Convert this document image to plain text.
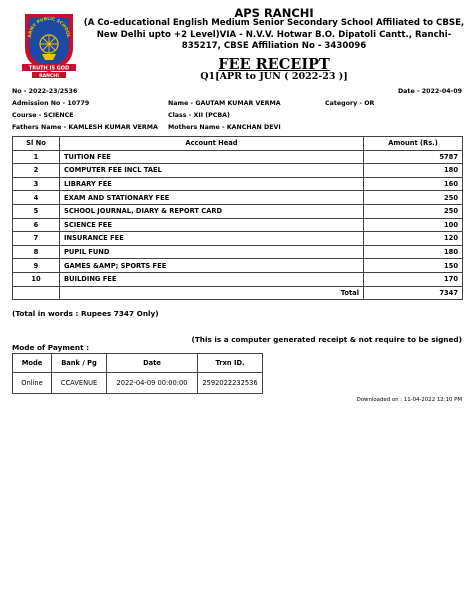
ARMY PUBLIC SCHOOL
TRUTH IS GOD
RANCHI
APS RANCHI
(A Co-educational English Medium Senior Secondary School Affiliated to CBSE, New Delhi upto +2 Level)VIA - N.V.V. Hotwar B.O. Dipatoli Cantt., Ranchi-835217, CBSE Affiliation No - 3430096
FEE RECEIPT
Q1[APR to JUN ( 2022-23 )]
No - 2022-23/2536	Date - 2022-04-09
Admission No - 10779	Name - GAUTAM KUMAR VERMA	Category - OR
Course - SCIENCE	Class - XII (PCBA)
Fathers Name - KAMLESH KUMAR VERMA Mothers Name - KANCHAN DEVI
Sl No	Account Head	Amount (Rs.)
1	TUITION FEE	5787
2	COMPUTER FEE INCL TAEL	180
3	LIBRARY FEE	160
4	EXAM AND STATIONARY FEE	250
5	SCHOOL JOURNAL, DIARY & REPORT CARD	250
6	SCIENCE FEE	100
7	INSURANCE FEE	120
8	PUPIL FUND	180
9	GAMES &AMP; SPORTS FEE	150
10	BUILDING FEE	170
	Total	7347
(Total in words : Rupees 7347 Only)
(This is a computer generated receipt & not require to be signed)
Mode of Payment :
Mode	Bank / Pg	Date	Trxn ID.
Online	CCAVENUE	2022-04-09 00:00:00	2592022232536
Downloaded on : 11-04-2022 12:10 PM
